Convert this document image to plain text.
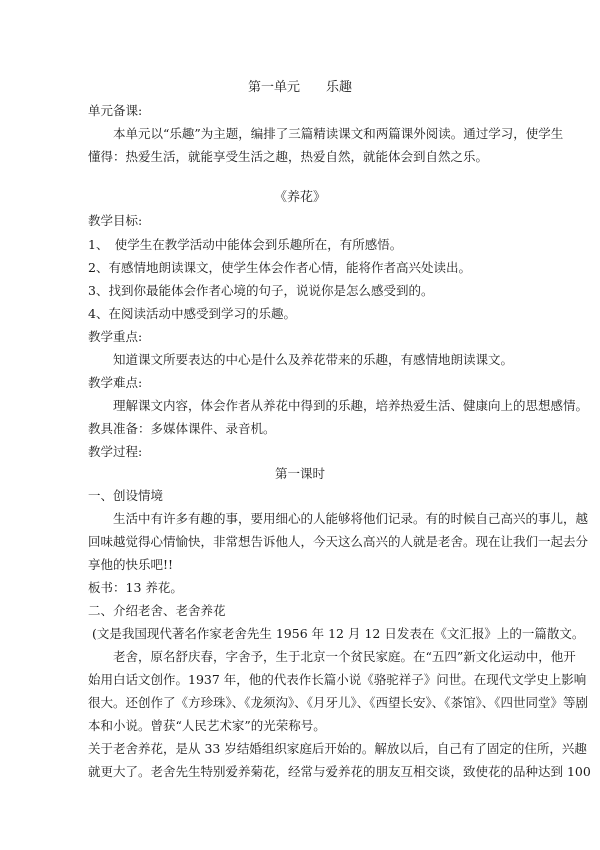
第一单元　　乐趣
单元备课:
本单元以“乐趣”为主题，编排了三篇精读课文和两篇课外阅读。通过学习，使学生
懂得：热爱生活，就能享受生活之趣，热爱自然，就能体会到自然之乐。
《养花》
教学目标:
1、　使学生在教学活动中能体会到乐趣所在，有所感悟。
2、有感情地朗读课文，使学生体会作者心情，能将作者高兴处读出。
3、找到你最能体会作者心境的句子，说说你是怎么感受到的。
4、在阅读活动中感受到学习的乐趣。
教学重点:
知道课文所要表达的中心是什么及养花带来的乐趣，有感情地朗读课文。
教学难点:
理解课文内容，体会作者从养花中得到的乐趣，培养热爱生活、健康向上的思想感情。
教具准备：多媒体课件、录音机。
教学过程:
第一课时
一、创设情境
生活中有许多有趣的事，要用细心的人能够将他们记录。有的时候自己高兴的事儿，越
回味越觉得心情愉快，非常想告诉他人，今天这么高兴的人就是老舍。现在让我们一起去分
享他的快乐吧!!
板书：13 养花。
二、介绍老舍、老舍养花
(文是我国现代著名作家老舍先生 1956 年 12 月 12 日发表在《文汇报》上的一篇散文。
老舍，原名舒庆春，字舍予，生于北京一个贫民家庭。在“五四”新文化运动中，他开
始用白话文创作。1937 年，他的代表作长篇小说《骆驼祥子》问世。在现代文学史上影响
很大。还创作了《方珍珠》、《龙须沟》、《月牙儿》、《西望长安》、《茶馆》、《四世同堂》等剧
本和小说。曾获“人民艺术家”的光荣称号。
关于老舍养花，是从 33 岁结婚组织家庭后开始的。解放以后，自己有了固定的住所，兴趣
就更大了。老舍先生特别爱养菊花，经常与爱养花的朋友互相交谈，致使花的品种达到 100
